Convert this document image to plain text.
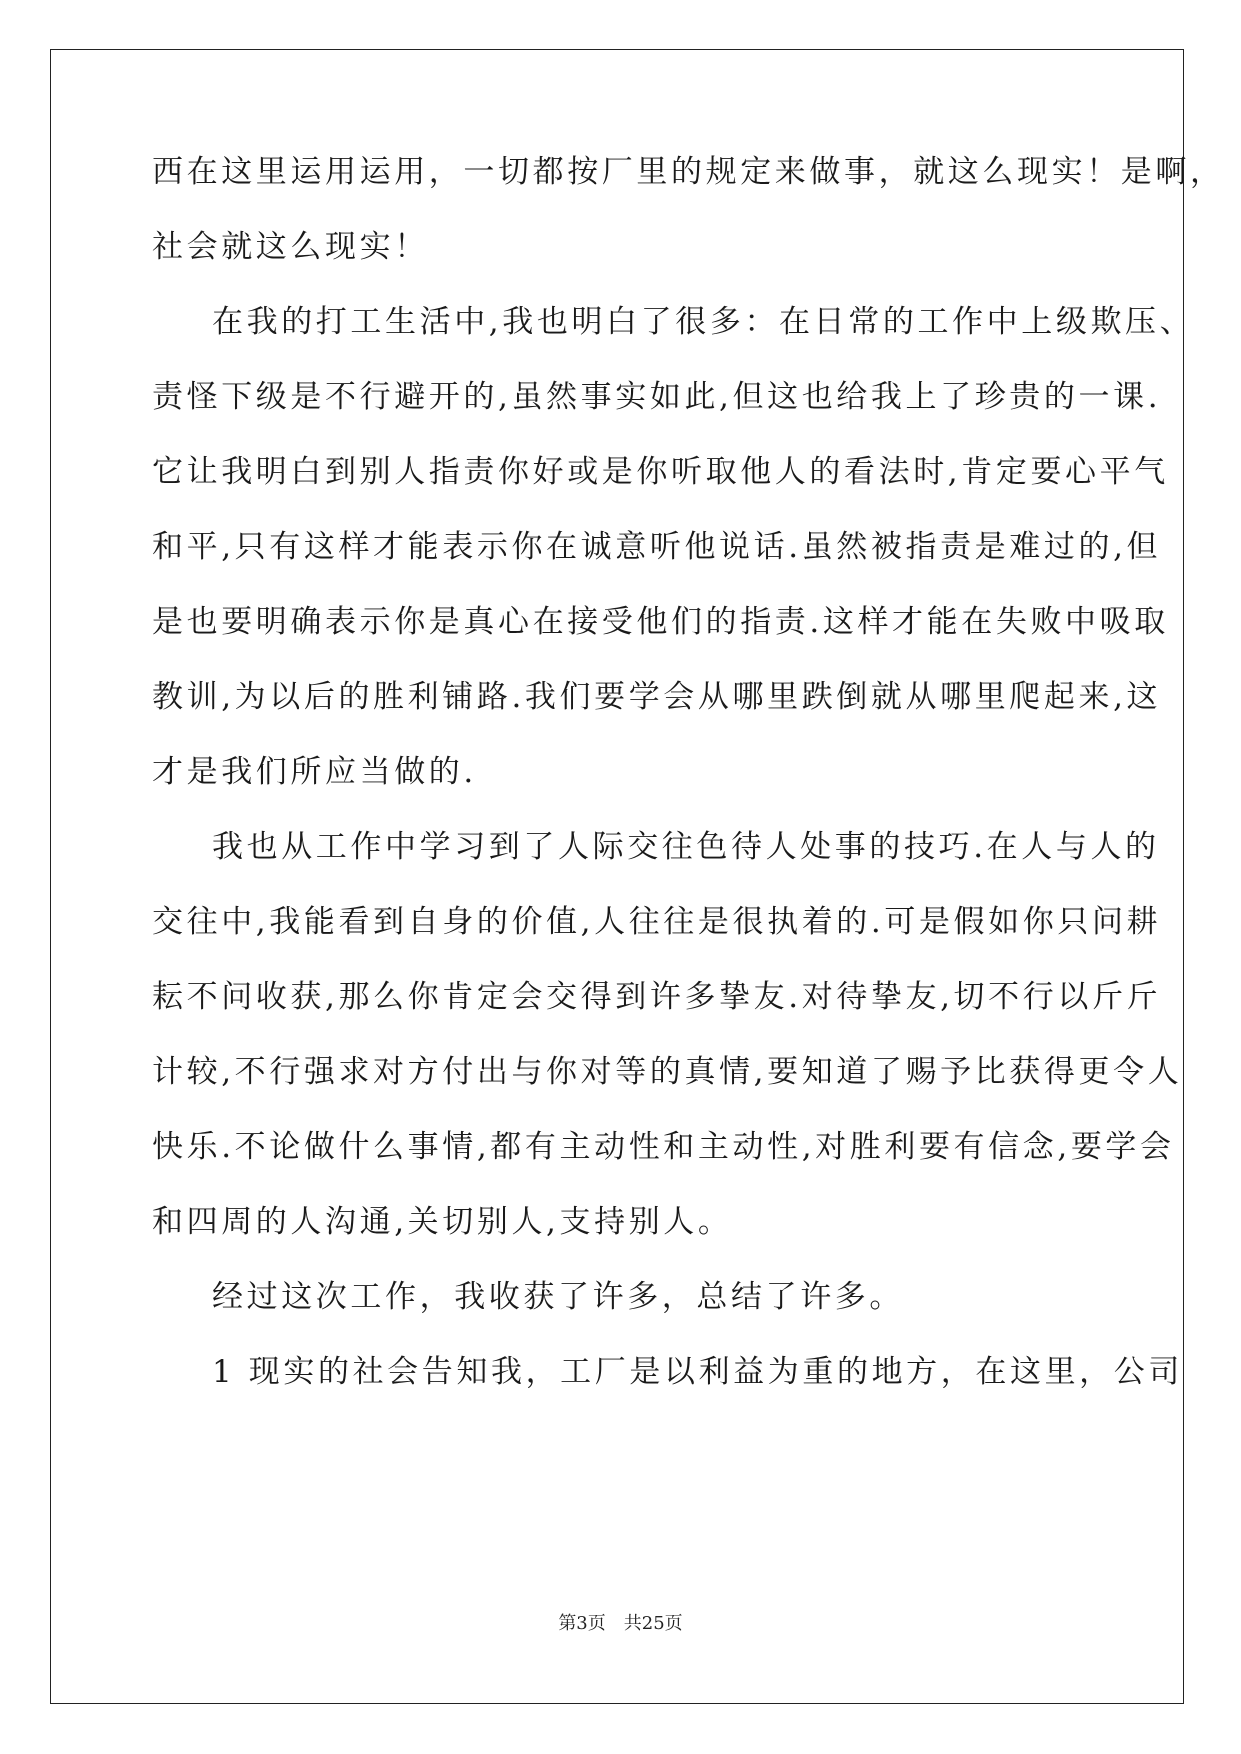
西在这里运用运用，一切都按厂里的规定来做事，就这么现实！是啊，
社会就这么现实！
在我的打工生活中,我也明白了很多：在日常的工作中上级欺压、
责怪下级是不行避开的,虽然事实如此,但这也给我上了珍贵的一课.
它让我明白到别人指责你好或是你听取他人的看法时,肯定要心平气
和平,只有这样才能表示你在诚意听他说话.虽然被指责是难过的,但
是也要明确表示你是真心在接受他们的指责.这样才能在失败中吸取
教训,为以后的胜利铺路.我们要学会从哪里跌倒就从哪里爬起来,这
才是我们所应当做的.
我也从工作中学习到了人际交往色待人处事的技巧.在人与人的
交往中,我能看到自身的价值,人往往是很执着的.可是假如你只问耕
耘不问收获,那么你肯定会交得到许多挚友.对待挚友,切不行以斤斤
计较,不行强求对方付出与你对等的真情,要知道了赐予比获得更令人
快乐.不论做什么事情,都有主动性和主动性,对胜利要有信念,要学会
和四周的人沟通,关切别人,支持别人。
经过这次工作，我收获了许多，总结了许多。
1 现实的社会告知我，工厂是以利益为重的地方，在这里，公司
第3页 共25页
